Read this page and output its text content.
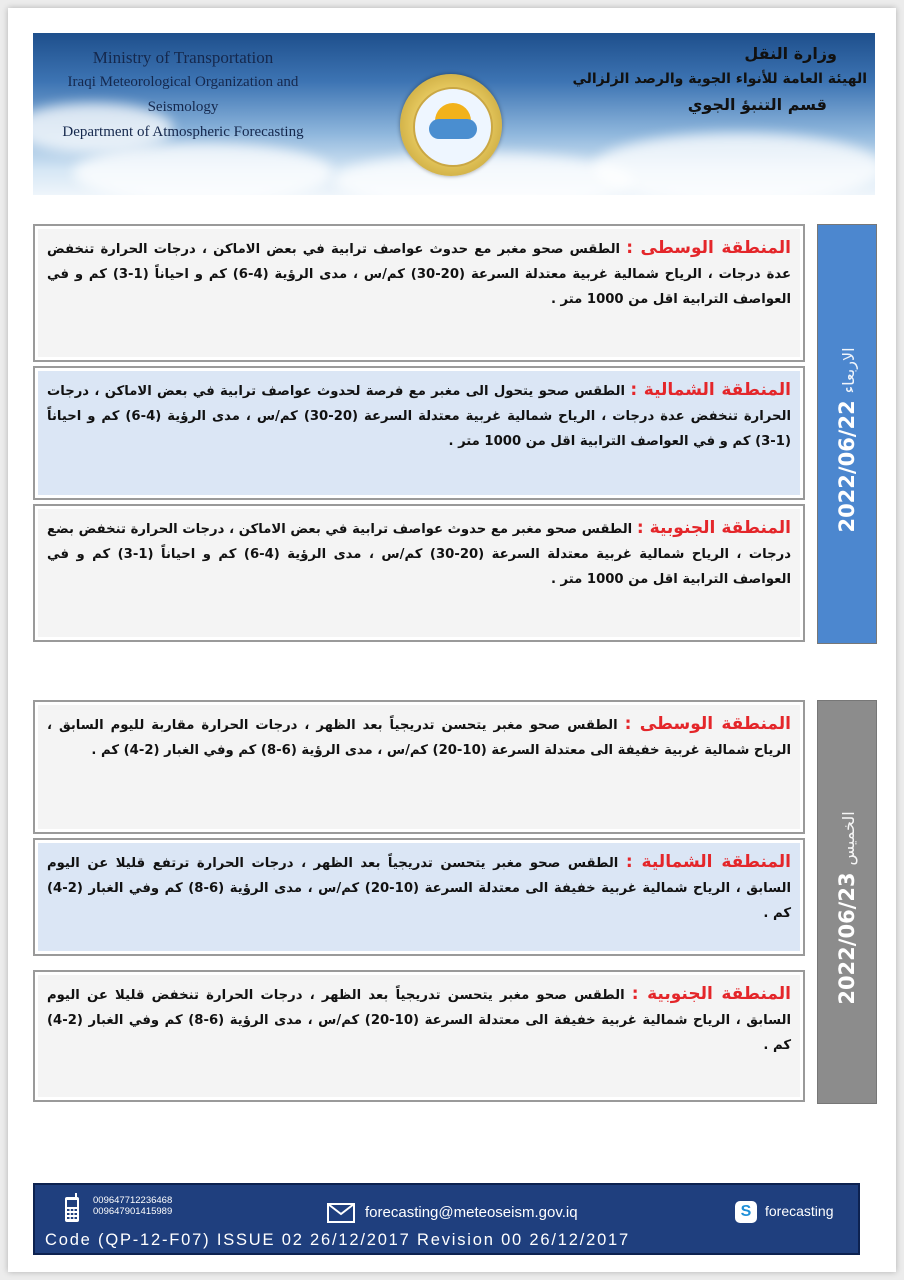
Ministry of Transportation
Iraqi Meteorological Organization and Seismology
Department of Atmospheric Forecasting
وزارة النقل
الهيئة العامة للأنواء الجوية والرصد الزلزالي
قسم التنبؤ الجوي

المنطقة الوسطى : الطقس صحو مغبر مع حدوث عواصف ترابية في بعض الاماكن ، درجات الحرارة تنخفض عدة درجات ، الرياح شمالية غربية معتدلة السرعة (20-30) كم/س ، مدى الرؤية (4-6) كم و احياناً (1-3) كم و في العواصف الترابية اقل من 1000 متر .

المنطقة الشمالية : الطقس صحو يتحول الى مغبر مع فرصة لحدوث عواصف ترابية في بعض الاماكن ، درجات الحرارة تنخفض عدة درجات ، الرياح شمالية غربية معتدلة السرعة (20-30) كم/س ، مدى الرؤية (4-6) كم و احياناً (1-3) كم و في العواصف الترابية اقل من 1000 متر .

المنطقة الجنوبية : الطقس صحو مغبر مع حدوث عواصف ترابية في بعض الاماكن ، درجات الحرارة تنخفض بضع درجات ، الرياح شمالية غربية معتدلة السرعة (20-30) كم/س ، مدى الرؤية (4-6) كم و احياناً (1-3) كم و في العواصف الترابية اقل من 1000 متر .

2022/06/22 الاربعاء

المنطقة الوسطى : الطقس صحو مغبر يتحسن تدريجياً بعد الظهر ، درجات الحرارة مقاربة لليوم السابق ، الرياح شمالية غربية خفيفة الى معتدلة السرعة (10-20) كم/س ، مدى الرؤية (6-8) كم وفي الغبار (2-4) كم .

المنطقة الشمالية : الطقس صحو مغبر يتحسن تدريجياً بعد الظهر ، درجات الحرارة ترتفع قليلا عن اليوم السابق ، الرياح شمالية غربية خفيفة الى معتدلة السرعة (10-20) كم/س ، مدى الرؤية (6-8) كم وفي الغبار (2-4) كم .

المنطقة الجنوبية : الطقس صحو مغبر يتحسن تدريجياً بعد الظهر ، درجات الحرارة تنخفض قليلا عن اليوم السابق ، الرياح شمالية غربية خفيفة الى معتدلة السرعة (10-20) كم/س ، مدى الرؤية (6-8) كم وفي الغبار (2-4) كم .

2022/06/23 الخميس
009647712236468
009647901415989	forecasting@meteoseism.gov.iq	S forecasting
Code (QP-12-F07) ISSUE 02 26/12/2017 Revision 00 26/12/2017
